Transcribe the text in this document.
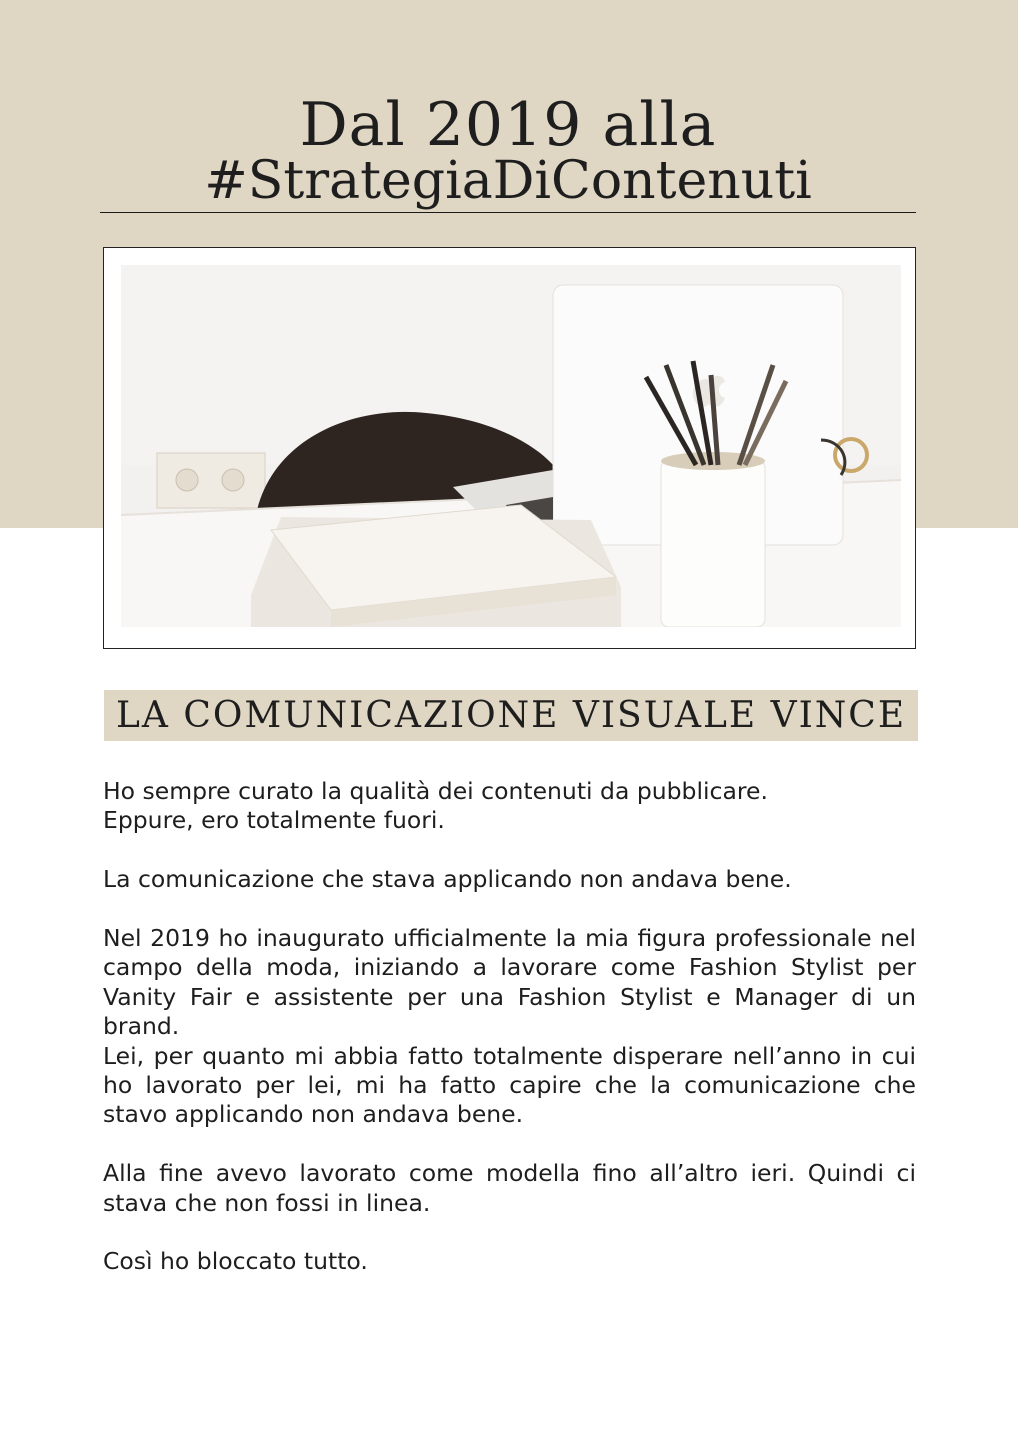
Dal 2019 alla
#StrategiaDiContenuti
LA COMUNICAZIONE VISUALE VINCE

Ho sempre curato la qualità dei contenuti da pubblicare.

Eppure, ero totalmente fuori.

La comunicazione che stava applicando non andava bene.

Nel 2019 ho inaugurato ufficialmente la mia figura professionale nel campo della moda, iniziando a lavorare come Fashion Stylist per Vanity Fair e assistente per una Fashion Stylist e Manager di un brand.

Lei, per quanto mi abbia fatto totalmente disperare nell’anno in cui ho lavorato per lei, mi ha fatto capire che la comunicazione che stavo applicando non andava bene.

Alla fine avevo lavorato come modella fino all’altro ieri. Quindi ci stava che non fossi in linea.

Così ho bloccato tutto.
